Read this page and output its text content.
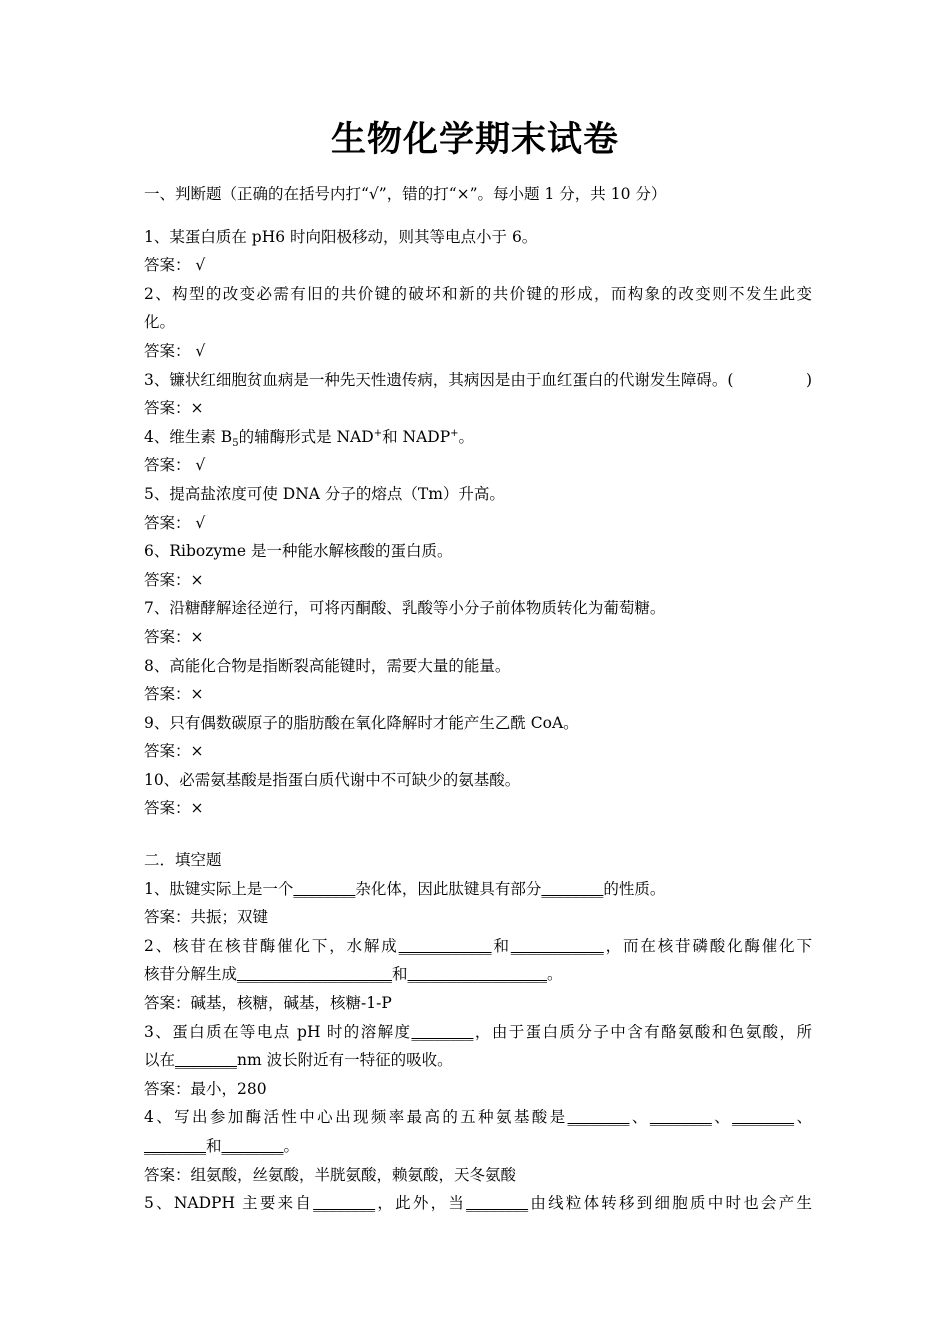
生物化学期末试卷
一、判断题（正确的在括号内打“√”，错的打“×”。每小题 1 分，共 10 分）
1、某蛋白质在 pH6 时向阳极移动，则其等电点小于 6。
答案： √
2、构型的改变必需有旧的共价键的破坏和新的共价键的形成，而构象的改变则不发生此变
化。
答案： √
3、镰状红细胞贫血病是一种先天性遗传病，其病因是由于血红蛋白的代谢发生障碍。(	)
答案：×
4、维生素 $B_5$的辅酶形式是 NAD+和 NADP+。
答案： √
5、提高盐浓度可使 DNA 分子的熔点（Tm）升高。
答案： √
6、Ribozyme 是一种能水解核酸的蛋白质。
答案：×
7、沿糖酵解途径逆行，可将丙酮酸、乳酸等小分子前体物质转化为葡萄糖。
答案：×
8、高能化合物是指断裂高能键时，需要大量的能量。
答案：×
9、只有偶数碳原子的脂肪酸在氧化降解时才能产生乙酰 CoA。
答案：×
10、必需氨基酸是指蛋白质代谢中不可缺少的氨基酸。
答案：×
二．填空题
1、肽键实际上是一个________杂化体，因此肽键具有部分________的性质。
答案：共振；双键
2、核苷在核苷酶催化下，水解成____________和____________，而在核苷磷酸化酶催化下
核苷分解生成____________________和__________________。
答案：碱基，核糖，碱基，核糖-1-P
3、蛋白质在等电点 pH 时的溶解度________，由于蛋白质分子中含有酪氨酸和色氨酸，所
以在________nm 波长附近有一特征的吸收。
答案：最小，280
4、写出参加酶活性中心出现频率最高的五种氨基酸是________、________、________、
________和________。
答案：组氨酸，丝氨酸，半胱氨酸，赖氨酸，天冬氨酸
5、NADPH 主要来自________，此外，当________由线粒体转移到细胞质中时也会产生
